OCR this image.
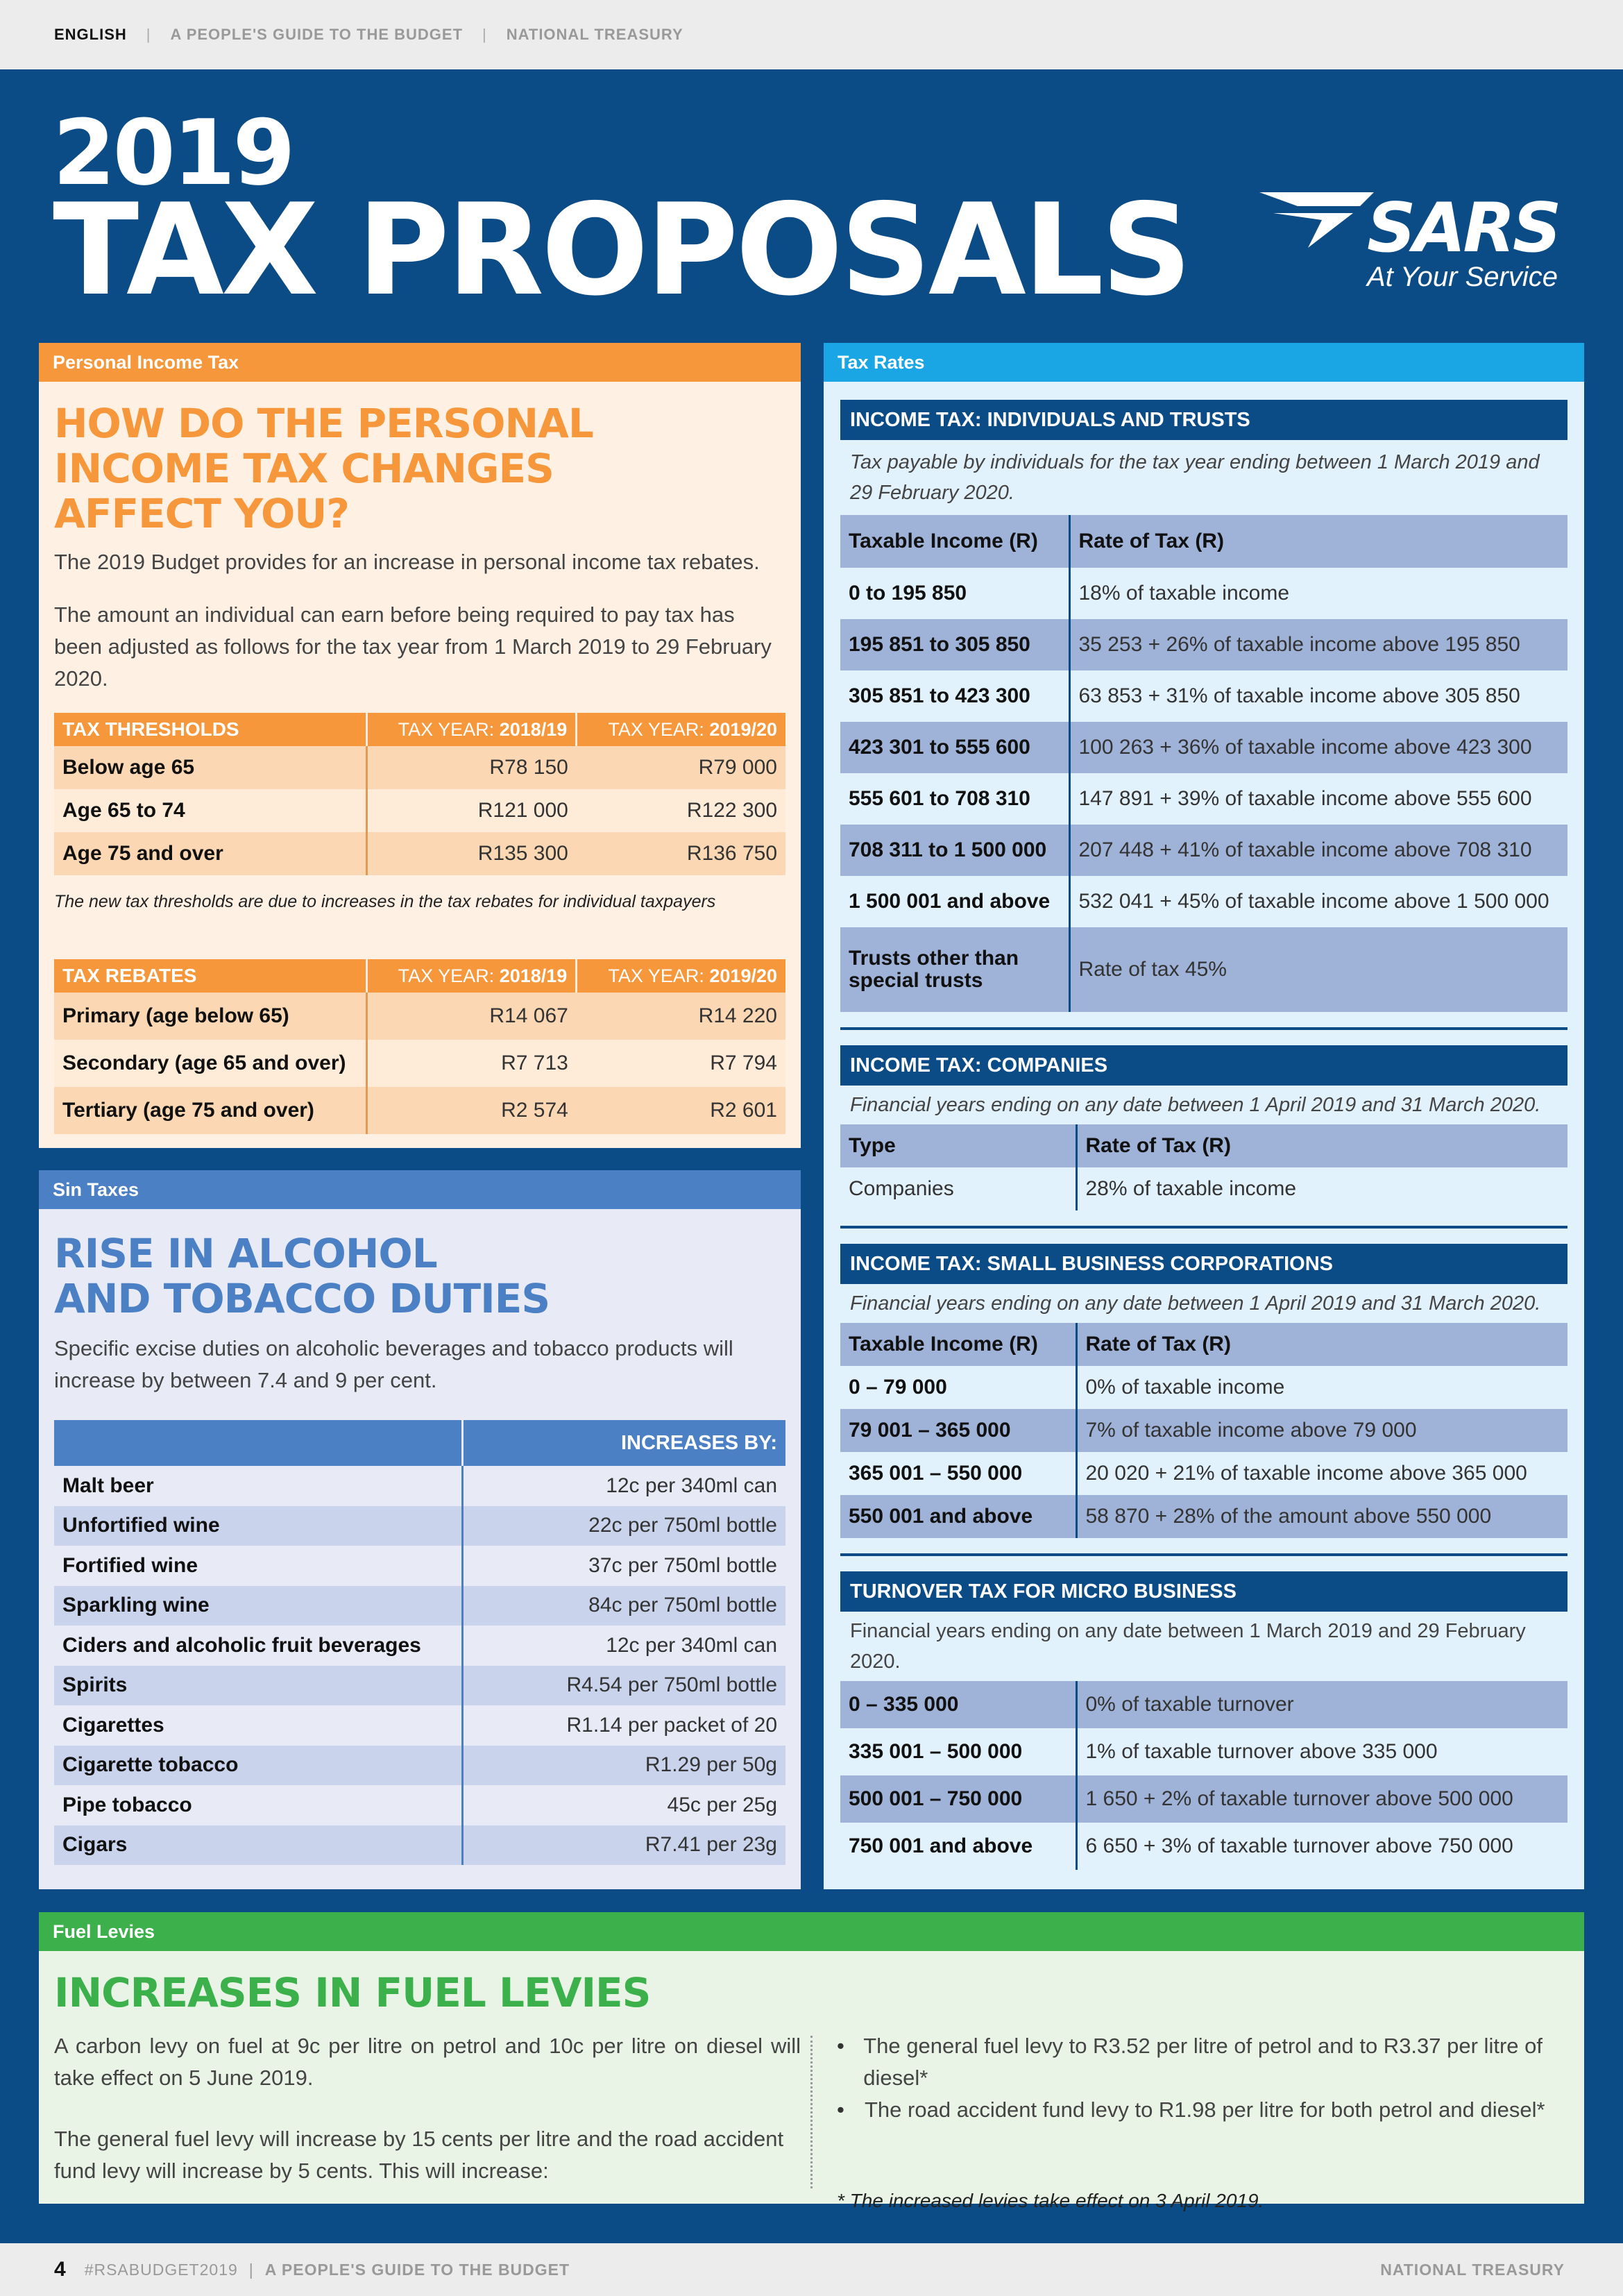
ENGLISH | A PEOPLE'S GUIDE TO THE BUDGET | NATIONAL TREASURY
2019
TAX PROPOSALS	SARS
At Your Service
Personal Income Tax
HOW DO THE PERSONAL
INCOME TAX CHANGES
AFFECT YOU?

The 2019 Budget provides for an increase in personal income tax rebates.

The amount an individual can earn before being required to pay tax has been adjusted as follows for the tax year from 1 March 2019 to 29 February 2020.

TAX THRESHOLDS	TAX YEAR: 2018/19	TAX YEAR: 2019/20
Below age 65	R78 150	R79 000
Age 65 to 74	R121 000	R122 300
Age 75 and over	R135 300	R136 750
The new tax thresholds are due to increases in the tax rebates for individual taxpayers
TAX REBATES	TAX YEAR: 2018/19	TAX YEAR: 2019/20
Primary (age below 65)	R14 067	R14 220
Secondary (age 65 and over)	R7 713	R7 794
Tertiary (age 75 and over)	R2 574	R2 601
Sin Taxes
RISE IN ALCOHOL
AND TOBACCO DUTIES

Specific excise duties on alcoholic beverages and tobacco products will increase by between 7.4 and 9 per cent.

	INCREASES BY:
Malt beer	12c per 340ml can
Unfortified wine	22c per 750ml bottle
Fortified wine	37c per 750ml bottle
Sparkling wine	84c per 750ml bottle
Ciders and alcoholic fruit beverages	12c per 340ml can
Spirits	R4.54 per 750ml bottle
Cigarettes	R1.14 per packet of 20
Cigarette tobacco	R1.29 per 50g
Pipe tobacco	45c per 25g
Cigars	R7.41 per 23g
Tax Rates
INCOME TAX: INDIVIDUALS AND TRUSTS
Tax payable by individuals for the tax year ending between 1 March 2019 and 29 February 2020.
Taxable Income (R)	Rate of Tax (R)
0 to 195 850	18% of taxable income
195 851 to 305 850	35 253 + 26% of taxable income above 195 850
305 851 to 423 300	63 853 + 31% of taxable income above 305 850
423 301 to 555 600	100 263 + 36% of taxable income above 423 300
555 601 to 708 310	147 891 + 39% of taxable income above 555 600
708 311 to 1 500 000	207 448 + 41% of taxable income above 708 310
1 500 001 and above	532 041 + 45% of taxable income above 1 500 000

Trusts other than
special trusts	Rate of tax 45%
INCOME TAX: COMPANIES
Financial years ending on any date between 1 April 2019 and 31 March 2020.
Type	Rate of Tax (R)
Companies	28% of taxable income
INCOME TAX: SMALL BUSINESS CORPORATIONS
Financial years ending on any date between 1 April 2019 and 31 March 2020.
Taxable Income (R)	Rate of Tax (R)
0 – 79 000	0% of taxable income
79 001 – 365 000	7% of taxable income above 79 000
365 001 – 550 000	20 020 + 21% of taxable income above 365 000
550 001 and above	58 870 + 28% of the amount above 550 000
TURNOVER TAX FOR MICRO BUSINESS
Financial years ending on any date between 1 March 2019 and 29 February 2020.
0 – 335 000	0% of taxable turnover
335 001 – 500 000	1% of taxable turnover above 335 000
500 001 – 750 000	1 650 + 2% of taxable turnover above 500 000
750 001 and above	6 650 + 3% of taxable turnover above 750 000
Fuel Levies
INCREASES IN FUEL LEVIES

A carbon levy on fuel at 9c per litre on petrol and 10c per litre on diesel will take effect on 5 June 2019.

The general fuel levy will increase by 15 cents per litre and the road accident fund levy will increase by 5 cents. This will increase:

• The general fuel levy to R3.52 per litre of petrol and to R3.37 per litre of diesel*

• The road accident fund levy to R1.98 per litre for both petrol and diesel*

* The increased levies take effect on 3 April 2019.
4 #RSABUDGET2019 | A PEOPLE'S GUIDE TO THE BUDGET	NATIONAL TREASURY
